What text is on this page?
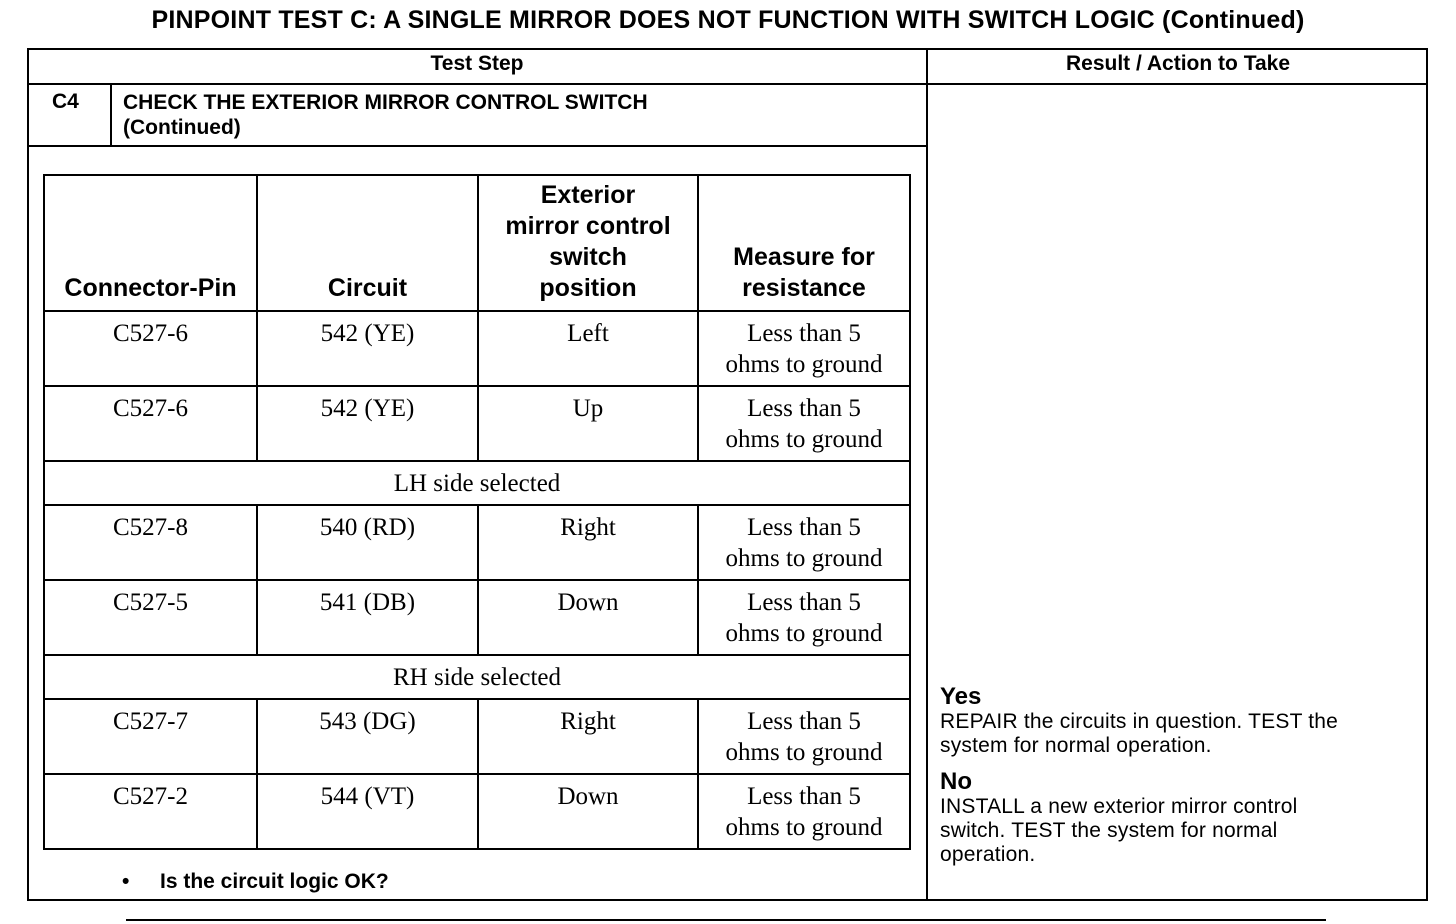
PINPOINT TEST C: A SINGLE MIRROR DOES NOT FUNCTION WITH SWITCH LOGIC (Continued)
Test Step	Result / Action to Take
C4 CHECK THE EXTERIOR MIRROR CONTROL SWITCH
(Continued)
Connector-Pin	Circuit	Exterior
mirror control
switch
position	Measure for
resistance

C527-6	542 (YE)	Left	Less than 5
ohms to ground

C527-6	542 (YE)	Up	Less than 5
ohms to ground

LH side selected			
C527-8	540 (RD)	Right	Less than 5
ohms to ground

C527-5	541 (DB)	Down	Less than 5
ohms to ground

RH side selected			
C527-7	543 (DG)	Right	Less than 5
ohms to ground

C527-2	544 (VT)	Down	Less than 5
ohms to ground
• Is the circuit logic OK?
Yes
REPAIR the circuits in question. TEST the
system for normal operation.
No
INSTALL a new exterior mirror control
switch. TEST the system for normal
operation.
